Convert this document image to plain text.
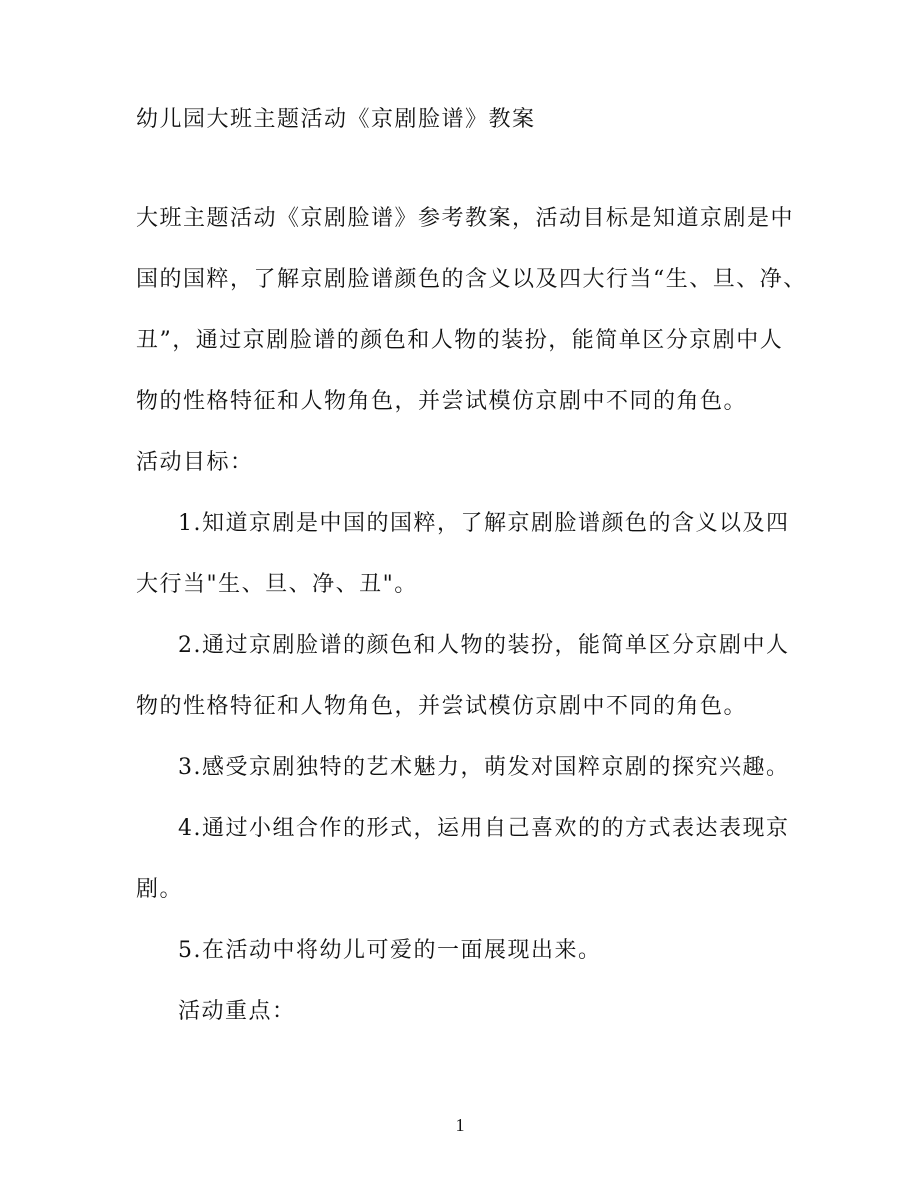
幼儿园大班主题活动《京剧脸谱》教案
大班主题活动《京剧脸谱》参考教案，活动目标是知道京剧是中
国的国粹，了解京剧脸谱颜色的含义以及四大行当“生、旦、净、
丑”，通过京剧脸谱的颜色和人物的装扮，能简单区分京剧中人
物的性格特征和人物角色，并尝试模仿京剧中不同的角色。
活动目标：
1.知道京剧是中国的国粹，了解京剧脸谱颜色的含义以及四
大行当"生、旦、净、丑"。
2.通过京剧脸谱的颜色和人物的装扮，能简单区分京剧中人
物的性格特征和人物角色，并尝试模仿京剧中不同的角色。
3.感受京剧独特的艺术魅力，萌发对国粹京剧的探究兴趣。
4.通过小组合作的形式，运用自己喜欢的的方式表达表现京
剧。
5.在活动中将幼儿可爱的一面展现出来。
活动重点：
1
